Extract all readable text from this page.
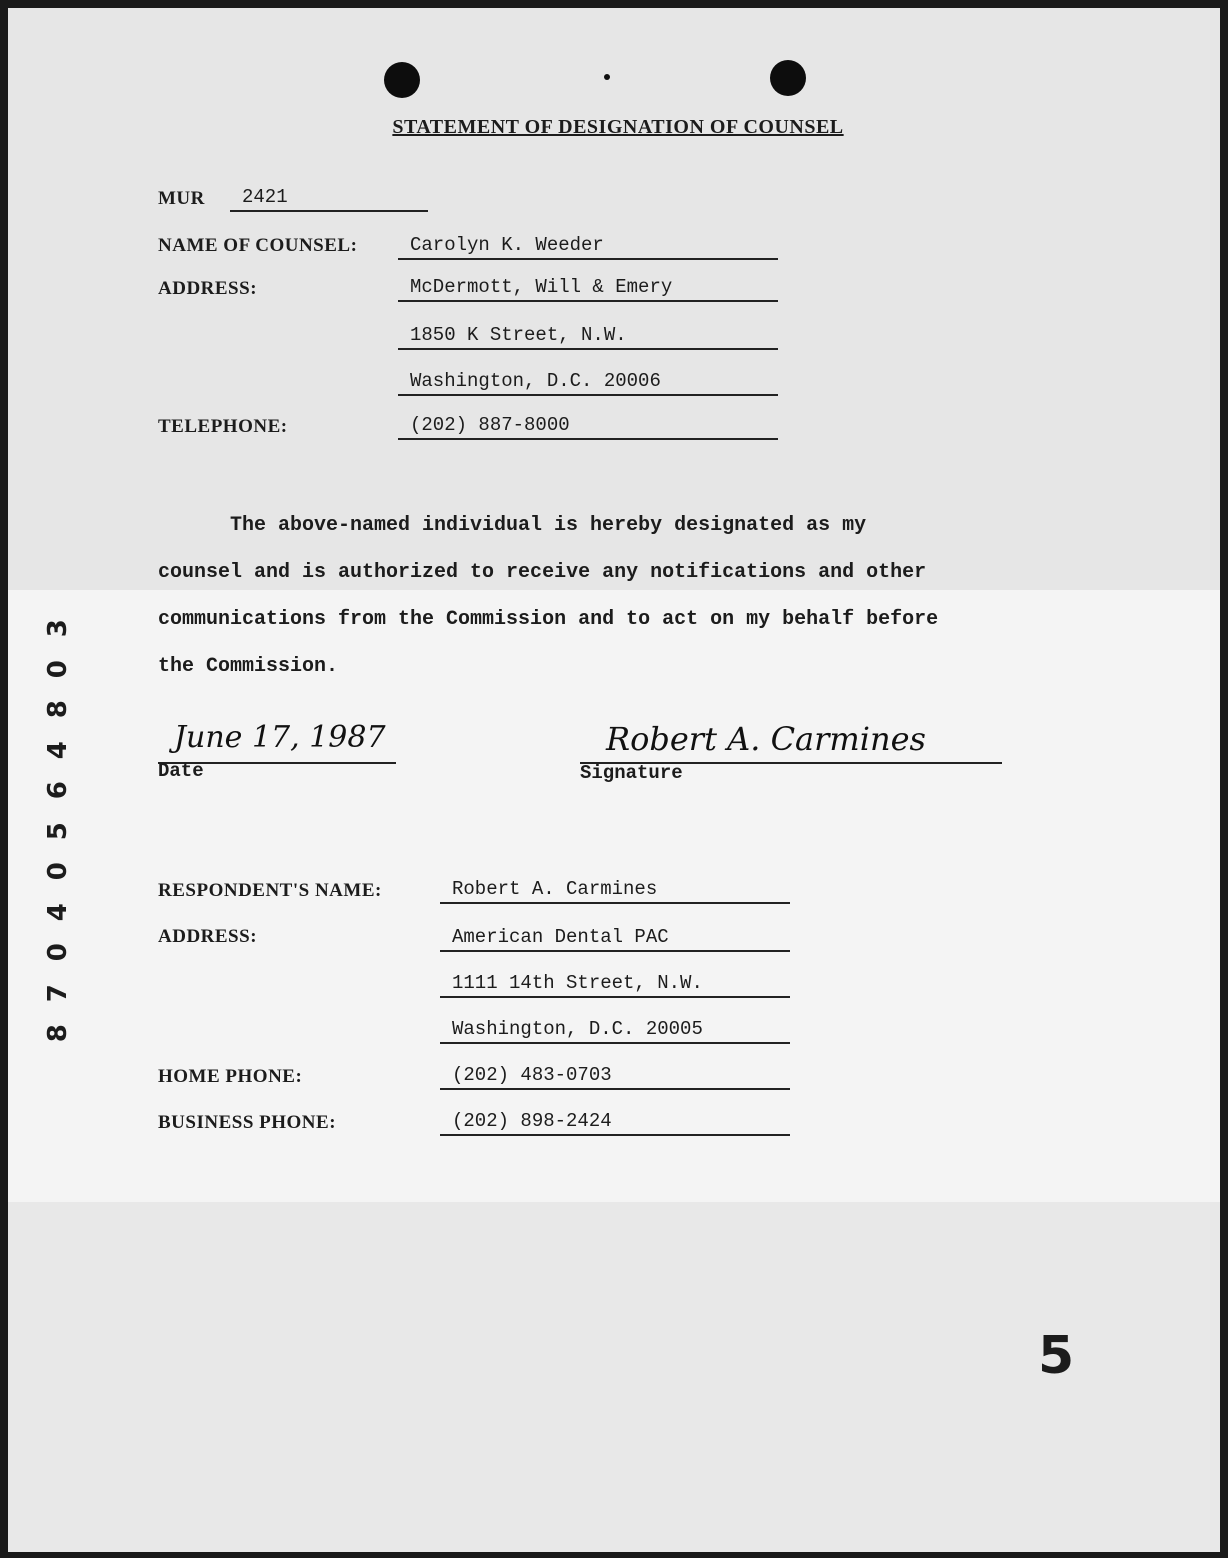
STATEMENT OF DESIGNATION OF COUNSEL
MUR	2421
NAME OF COUNSEL:	Carolyn K. Weeder
ADDRESS:	McDermott, Will & Emery
1850 K Street, N.W.
Washington, D.C. 20006
TELEPHONE:	(202) 887-8000
The above-named individual is hereby designated as my
counsel and is authorized to receive any notifications and other
communications from the Commission and to act on my behalf before
the Commission.
June 17, 1987
Date
Robert A. Carmines
Signature
RESPONDENT'S NAME:	Robert A. Carmines
ADDRESS:	American Dental PAC
1111 14th Street, N.W.
Washington, D.C. 20005
HOME PHONE:	(202) 483-0703
BUSINESS PHONE:	(202) 898-2424
3
0
8
4
6
5
0
4
0
7
8
5
